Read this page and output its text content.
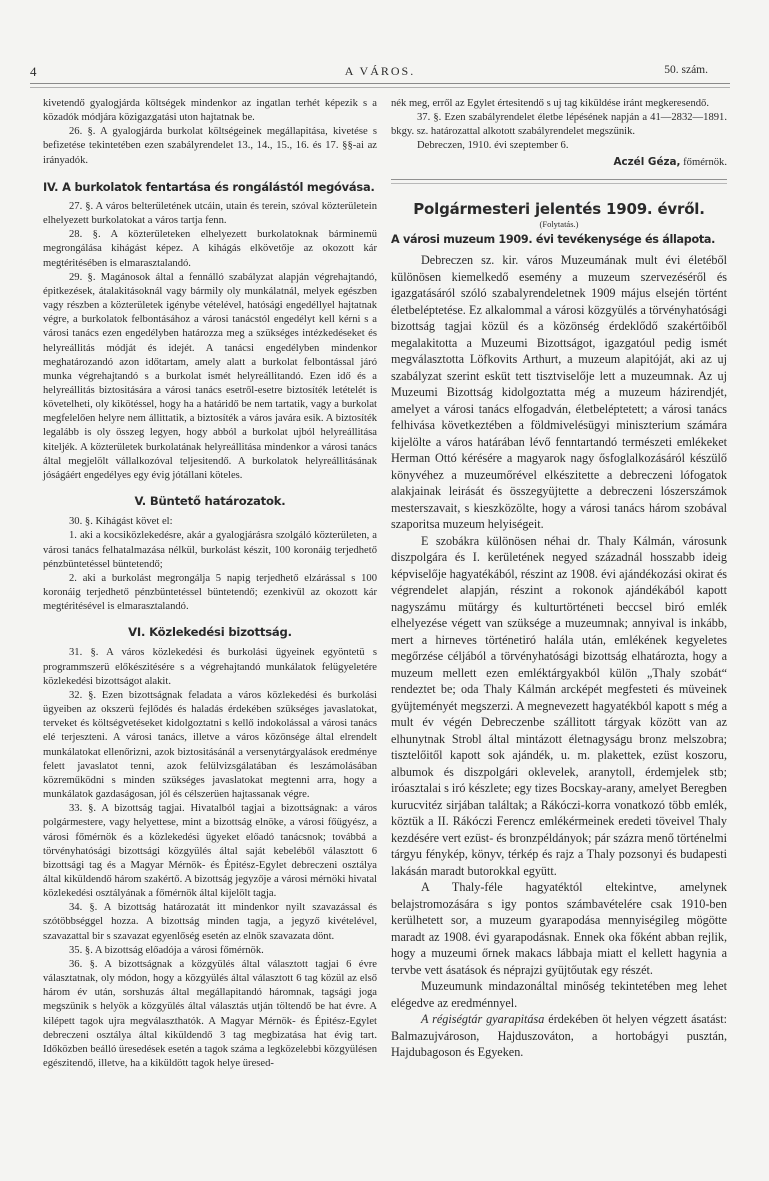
4	A VÁROS.	50. szám.

kivetendő gyalogjárda költségek mindenkor az ingatlan terhét képezik s a közadók módjára közigazgatási uton hajtatnak be.

26. §. A gyalogjárda burkolat költségeinek megállapitása, kivetése s befizetése tekintetében ezen szabályrendelet 13., 14., 15., 16. és 17. §§-ai az irányadók.

IV. A burkolatok fentartása és rongálástól megóvása.

27. §. A város belterületének utcáin, utain és terein, szóval közterületein elhelyezett burkolatokat a város tartja fenn.

28. §. A közterületeken elhelyezett burkolatoknak bárminemü megrongálása kihágást képez. A kihágás elkövetője az okozott kár megtéritésében is elmarasztalandó.

29. §. Magánosok által a fennálló szabályzat alapján végrehajtandó, épitkezések, átalakitásoknál vagy bármily oly munkálatnál, melyek egészben vagy részben a közterületek igénybe vételével, hatósági engedéllyel hajtatnak végre, a burkolatok felbontásához a városi tanácstól engedélyt kell kérni s a városi tanács ezen engedélyben határozza meg a szükséges intézkedéseket és helyreállitás módját és idejét. A tanácsi engedélyben mindenkor meghatározandó azon időtartam, amely alatt a burkolat felbontással járó munka végrehajtandó s a burkolat ismét helyreállitandó. Ezen idő és a helyreállitás biztositására a városi tanács esetről-esetre biztosíték letételét is követelheti, oly kikötéssel, hogy ha a határidő be nem tartatik, vagy a burkolat megfelelően helyre nem állittatik, a biztosíték a város javára esik. A biztosíték legalább is oly összeg legyen, hogy abból a burkolat ujból helyreállitása kiteljék. A közterületek burkolatának helyreállitása mindenkor a városi tanács által megjelölt vállalkozóval teljesitendő. A burkolatok helyreállitásának jóságáért engedélyes egy évig jótállani köteles.

V. Büntető határozatok.

30. §. Kihágást követ el:

1. aki a kocsiközlekedésre, akár a gyalogjárásra szolgáló közterületen, a városi tanács felhatalmazása nélkül, burkolást készit, 100 koronáig terjedhető pénzbüntetéssel büntetendő;

2. aki a burkolást megrongálja 5 napig terjedhető elzárással s 100 koronáig terjedhető pénzbüntetéssel büntetendő; ezenkivül az okozott kár megtéritésével is elmarasztalandó.

VI. Közlekedési bizottság.

31. §. A város közlekedési és burkolási ügyeinek egyöntetü s programmszerü előkészitésére s a végrehajtandó munkálatok felügyeletére közlekedési bizottságot alakit.

32. §. Ezen bizottságnak feladata a város közlekedési és burkolási ügyeiben az okszerü fejlődés és haladás érdekében szükséges javaslatokat, terveket és költségvetéseket kidolgoztatni s kellő indokolással a városi tanács elé terjeszteni. A városi tanács, illetve a város közönsége által elrendelt munkálatokat ellenőrizni, azok biztositásánál a versenytárgyalások eredménye felett javaslatot tenni, azok felülvizsgálatában és leszámolásában közreműködni s minden szükséges javaslatokat megtenni arra, hogy a munkálatok gazdaságosan, jól és célszerüen hajtassanak végre.

33. §. A bizottság tagjai. Hivatalból tagjai a bizottságnak: a város polgármestere, vagy helyettese, mint a bizottság elnöke, a városi főügyész, a városi főmérnök és a közlekedési ügyeket előadó tanácsnok; továbbá a törvényhatósági bizottsági közgyülés által saját kebeléből választott 6 bizottsági tag és a Magyar Mérnök- és Épitész-Egylet debreczeni osztálya által kiküldendő három szakértő. A bizottság jegyzője a városi mérnöki hivatal közlekedési osztályának a főmérnök által kijelölt tagja.

34. §. A bizottság határozatát itt mindenkor nyilt szavazással és szótöbbséggel hozza. A bizottság minden tagja, a jegyző kivételével, szavazattal bir s szavazat egyenlőség esetén az elnök szavazata dönt.

35. §. A bizottság előadója a városi főmérnök.

36. §. A bizottságnak a közgyülés által választott tagjai 6 évre választatnak, oly módon, hogy a közgyülés által választott 6 tag közül az első három év után, sorshuzás által megállapitandó háromnak, tagsági joga megszünik s helyök a közgyülés által választás utján töltendő be hat évre. A kilépett tagok ujra megválaszthatók. A Magyar Mérnök- és Épitész-Egylet debreczeni osztálya által kiküldendő 3 tag megbizatása hat évig tart. Időközben beálló üresedések esetén a tagok száma a legközelebbi közgyülésen egészitendő, illetve, ha a kiküldött tagok helye üresed-

nék meg, erről az Egylet értesitendő s uj tag kiküldése iránt megkeresendő.

37. §. Ezen szabályrendelet életbe lépésének napján a 41—2832—1891. bkgy. sz. határozattal alkotott szabályrendelet megszünik.

Debreczen, 1910. évi szeptember 6.

Aczél Géza, főmérnök.

Polgármesteri jelentés 1909. évről.
(Folytatás.)
A városi muzeum 1909. évi tevékenysége és állapota.

Debreczen sz. kir. város Muzeumának mult évi életéből különösen kiemelkedő esemény a muzeum szervezéséről és igazgatásáról szóló szabalyrendeletnek 1909 május elsején történt életbeléptetése. Ez alkalommal a városi közgyülés a törvényhatósági bizottság tagjai közül és a közönség érdeklődő szakértőiből megalakitotta a Muzeumi Bizottságot, igazgatóul pedig ismét megválasztotta Löfkovits Arthurt, a muzeum alapitóját, aki az uj szabályzat szerint esküt tett tisztviselője lett a muzeumnak. Az uj Muzeumi Bizottság kidolgoztatta még a muzeum házirendjét, amelyet a városi tanács elfogadván, életbeléptetett; a városi tanács felhivása következtében a földmivelésügyi miniszterium számára kijelölte a város határában lévő fenntartandó természeti emlékeket Herman Ottó kérésére a magyarok nagy ősfoglalkozásáról készülő könyvéhez a muzeumőrével elkészitette a debreczeni lófogatok alakjainak leirását és összegyüjtette a debreczeni lószerszámok mesterszavait, s kieszközölte, hogy a városi tanács három szobával szaporitsa muzeum helyiségeit.

E szobákra különösen néhai dr. Thaly Kálmán, városunk diszpolgára és I. kerületének negyed századnál hosszabb ideig képviselője hagyatékából, részint az 1908. évi ajándékozási okirat és végrendelet alapján, részint a rokonok ajándékából kapott nagyszámu mütárgy és kulturtörténeti beccsel biró emlék elhelyezése végett van szüksége a muzeumnak; annyival is inkább, mert a hirneves történetiró halála után, emlékének kegyeletes megőrzése céljából a törvényhatósági bizottság elhatározta, hogy a muzeum mellett ezen emléktárgyakból külön „Thaly szobát“ rendeztet be; oda Thaly Kálmán arcképét megfesteti és müveinek gyüjteményét megszerzi. A megnevezett hagyatékból kapott s még a mult év végén Debreczenbe szállitott tárgyak között van az elhunytnak Strobl által mintázott életnagyságu bronz melszobra; tisztelőitől kapott sok ajándék, u. m. plakettek, ezüst koszoru, albumok és diszpolgári oklevelek, aranytoll, érdemjelek stb; iróasztalai s iró készlete; egy tizes Bocskay-arany, amelyet Beregben kurucvitéz sirjában találtak; a Rákóczi-korra vonatkozó több emlék, köztük a II. Rákóczi Ferencz emlékérmeinek eredeti töveivel Thaly kezdésére vert ezüst- és bronzpéldányok; pár százra menő történelmi tárgyu fénykép, könyv, térkép és rajz a Thaly pozsonyi és budapesti lakásán maradt butorokkal együtt.

A Thaly-féle hagyatéktól eltekintve, amelynek belajstromozására s igy pontos számbavételére csak 1910-ben kerülhetett sor, a muzeum gyarapodása mennyiségileg mögötte maradt az 1908. évi gyarapodásnak. Ennek oka főként abban rejlik, hogy a muzeumi őrnek makacs lábbaja miatt el kellett hagynia a tervbe vett ásatások és néprajzi gyüjtőutak egy részét.

Muzeumunk mindazonáltal minőség tekintetében meg lehet elégedve az eredménnyel.

A régiségtár gyarapitása érdekében öt helyen végzett ásatást: Balmazujvároson, Hajduszováton, a hortobágyi pusztán, Hajdubagoson és Egyeken.
